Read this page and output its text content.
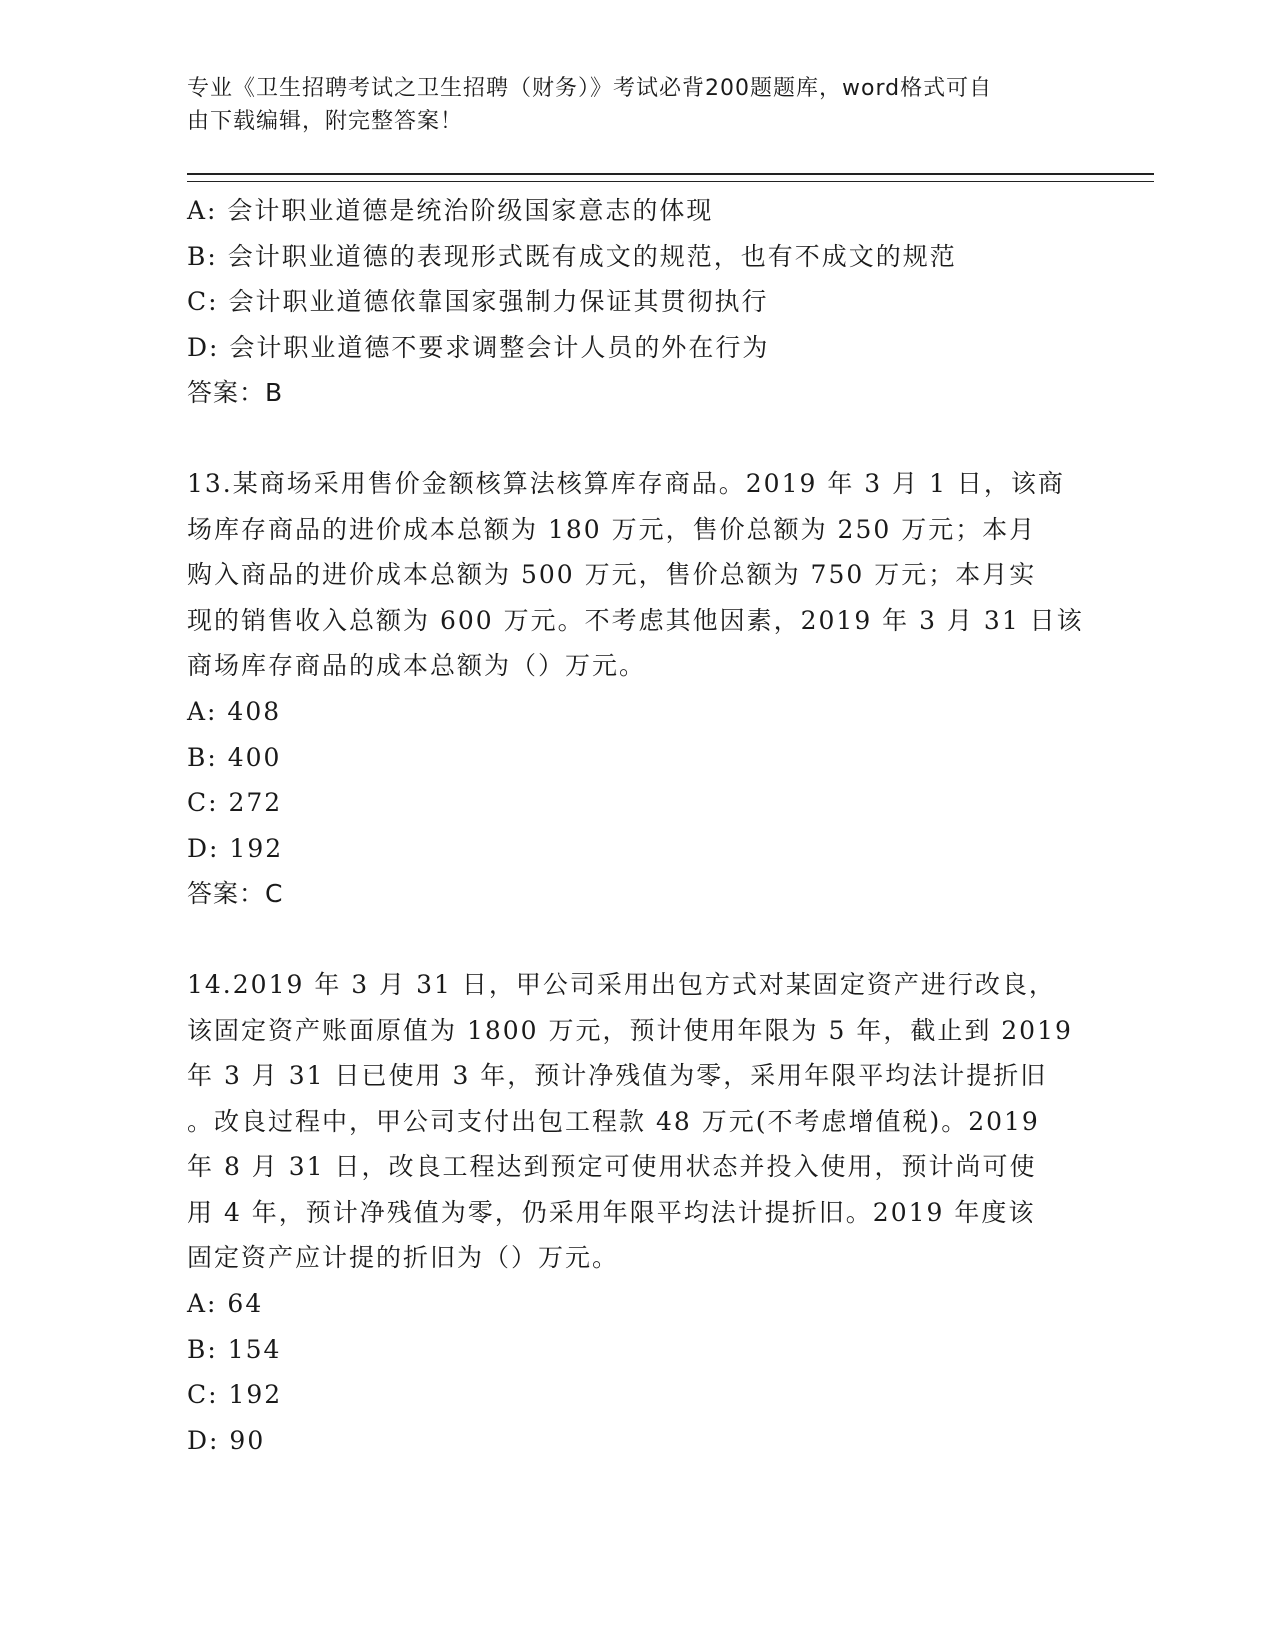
专业《卫生招聘考试之卫生招聘（财务）》考试必背200题题库，word格式可自
由下载编辑，附完整答案！
A: 会计职业道德是统治阶级国家意志的体现
B: 会计职业道德的表现形式既有成文的规范，也有不成文的规范
C: 会计职业道德依靠国家强制力保证其贯彻执行
D: 会计职业道德不要求调整会计人员的外在行为
答案：B
13.某商场采用售价金额核算法核算库存商品。2019 年 3 月 1 日，该商
场库存商品的进价成本总额为 180 万元，售价总额为 250 万元；本月
购入商品的进价成本总额为 500 万元，售价总额为 750 万元；本月实
现的销售收入总额为 600 万元。不考虑其他因素，2019 年 3 月 31 日该
商场库存商品的成本总额为（）万元。
A: 408
B: 400
C: 272
D: 192
答案：C
14.2019 年 3 月 31 日，甲公司采用出包方式对某固定资产进行改良，
该固定资产账面原值为 1800 万元，预计使用年限为 5 年，截止到 2019
年 3 月 31 日已使用 3 年，预计净残值为零，采用年限平均法计提折旧
。改良过程中，甲公司支付出包工程款 48 万元(不考虑增值税)。2019
年 8 月 31 日，改良工程达到预定可使用状态并投入使用，预计尚可使
用 4 年，预计净残值为零，仍采用年限平均法计提折旧。2019 年度该
固定资产应计提的折旧为（）万元。
A: 64
B: 154
C: 192
D: 90
